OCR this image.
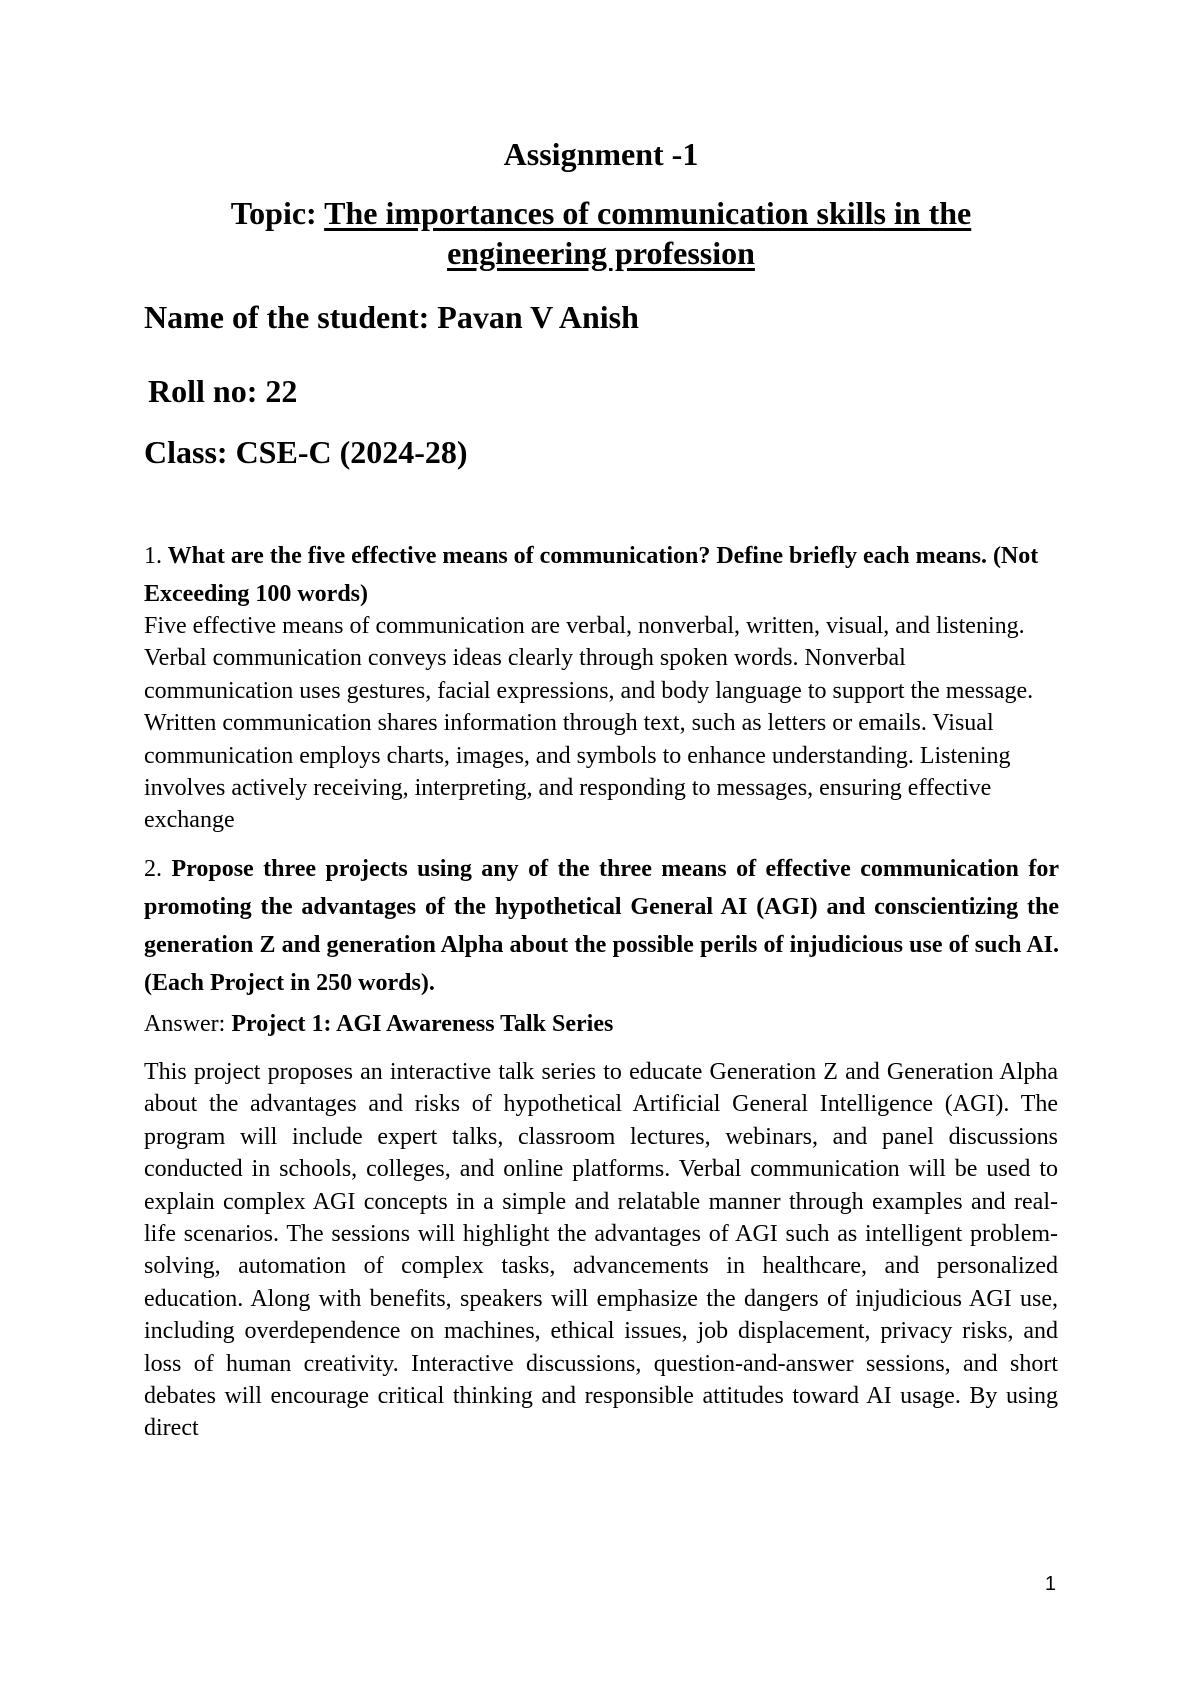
Assignment -1
Topic: The importances of communication skills in the
engineering profession
Name of the student: Pavan V Anish
Roll no: 22
Class: CSE-C (2024-28)
1. What are the five effective means of communication? Define briefly each means. (Not Exceeding 100 words)
Five effective means of communication are verbal, nonverbal, written, visual, and listening. Verbal communication conveys ideas clearly through spoken words. Nonverbal communication uses gestures, facial expressions, and body language to support the message. Written communication shares information through text, such as letters or emails. Visual communication employs charts, images, and symbols to enhance understanding. Listening involves actively receiving, interpreting, and responding to messages, ensuring effective exchange
2. Propose three projects using any of the three means of effective communication for promoting the advantages of the hypothetical General AI (AGI) and conscientizing the generation Z and generation Alpha about the possible perils of injudicious use of such AI. (Each Project in 250 words).
Answer: Project 1: AGI Awareness Talk Series
This project proposes an interactive talk series to educate Generation Z and Generation Alpha about the advantages and risks of hypothetical Artificial General Intelligence (AGI). The program will include expert talks, classroom lectures, webinars, and panel discussions conducted in schools, colleges, and online platforms. Verbal communication will be used to explain complex AGI concepts in a simple and relatable manner through examples and real-life scenarios. The sessions will highlight the advantages of AGI such as intelligent problem-solving, automation of complex tasks, advancements in healthcare, and personalized education. Along with benefits, speakers will emphasize the dangers of injudicious AGI use, including overdependence on machines, ethical issues, job displacement, privacy risks, and loss of human creativity. Interactive discussions, question-and-answer sessions, and short debates will encourage critical thinking and responsible attitudes toward AI usage. By using direct
1
